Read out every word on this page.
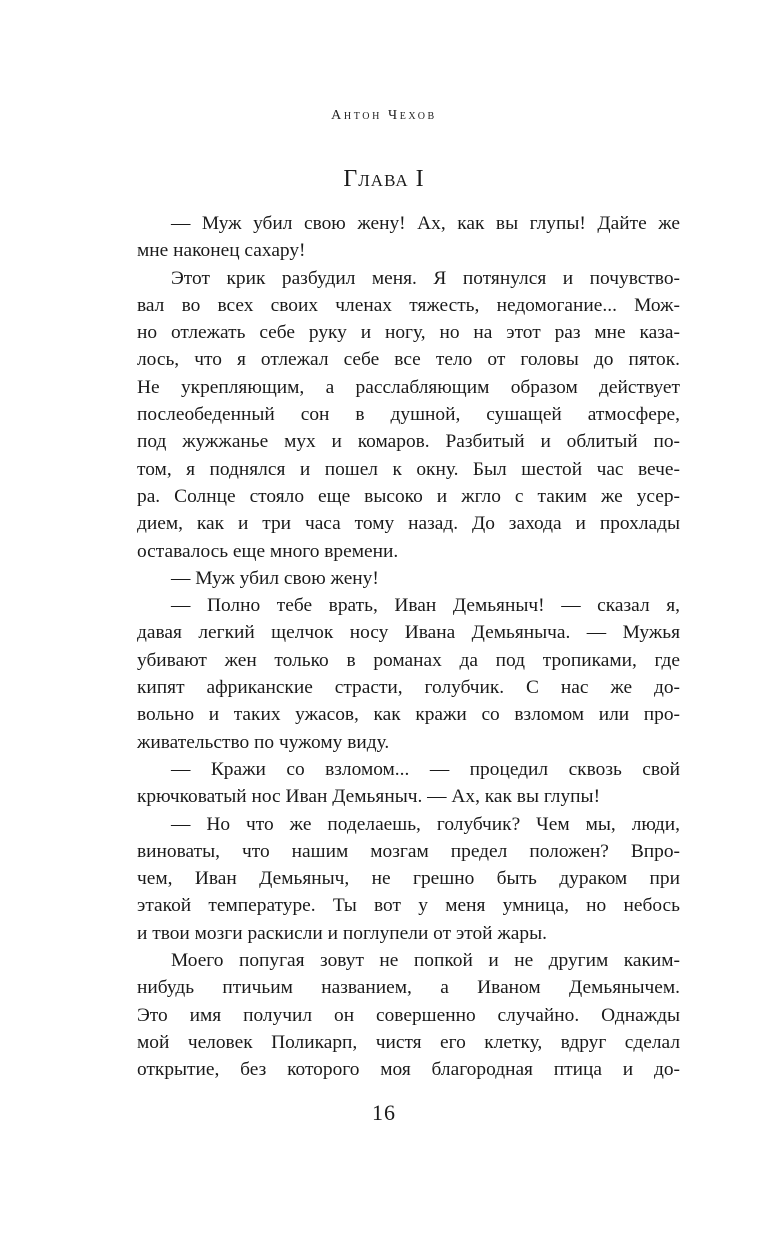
Антон Чехов
Глава I
— Муж убил свою жену! Ах, как вы глупы! Дайте же
мне наконец сахару!
Этот крик разбудил меня. Я потянулся и почувство-
вал во всех своих членах тяжесть, недомогание... Мож-
но отлежать себе руку и ногу, но на этот раз мне каза-
лось, что я отлежал себе все тело от головы до пяток.
Не укрепляющим, а расслабляющим образом действует
послеобеденный сон в душной, сушащей атмосфере,
под жужжанье мух и комаров. Разбитый и облитый по-
том, я поднялся и пошел к окну. Был шестой час вече-
ра. Солнце стояло еще высоко и жгло с таким же усер-
дием, как и три часа тому назад. До захода и прохлады
оставалось еще много времени.
— Муж убил свою жену!
— Полно тебе врать, Иван Демьяныч! — сказал я,
давая легкий щелчок носу Ивана Демьяныча. — Мужья
убивают жен только в романах да под тропиками, где
кипят африканские страсти, голубчик. С нас же до-
вольно и таких ужасов, как кражи со взломом или про-
живательство по чужому виду.
— Кражи со взломом... — процедил сквозь свой
крючковатый нос Иван Демьяныч. — Ах, как вы глупы!
— Но что же поделаешь, голубчик? Чем мы, люди,
виноваты, что нашим мозгам предел положен? Впро-
чем, Иван Демьяныч, не грешно быть дураком при
этакой температуре. Ты вот у меня умница, но небось
и твои мозги раскисли и поглупели от этой жары.
Моего попугая зовут не попкой и не другим каким-
нибудь птичьим названием, а Иваном Демьянычем.
Это имя получил он совершенно случайно. Однажды
мой человек Поликарп, чистя его клетку, вдруг сделал
открытие, без которого моя благородная птица и до-
16
